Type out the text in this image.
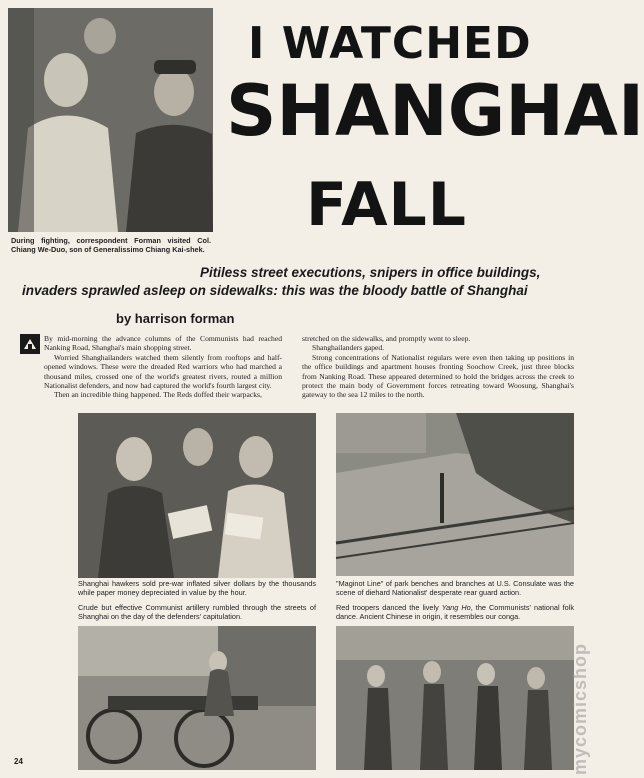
I WATCHED
SHANGHAI
FALL
During fighting, correspondent Forman visited Col. Chiang We-Duo, son of Generalissimo Chiang Kai-shek.
Pitiless street executions, snipers in office buildings,
invaders sprawled asleep on sidewalks: this was the bloody battle of Shanghai
by harrison forman

By mid-morning the advance columns of the Communists had reached Nanking Road, Shanghai's main shopping street.

Worried Shanghailanders watched them silently from rooftops and half-opened windows. These were the dreaded Red warriors who had marched a thousand miles, crossed one of the world's greatest rivers, routed a million Nationalist defenders, and now had captured the world's fourth largest city.

Then an incredible thing happened. The Reds doffed their warpacks,

stretched on the sidewalks, and promptly went to sleep.

Shanghailanders gaped.

Strong concentrations of Nationalist regulars were even then taking up positions in the office buildings and apartment houses fronting Soochow Creek, just three blocks from Nanking Road. These appeared determined to hold the bridges across the creek to protect the main body of Government forces retreating toward Woosung, Shanghai's gateway to the sea 12 miles to the north.

Shanghai hawkers sold pre-war inflated silver dollars by the thousands while paper money depreciated in value by the hour.
"Maginot Line" of park benches and branches at U.S. Consulate was the scene of diehard Nationalist' desperate rear guard action.
Crude but effective Communist artillery rumbled through the streets of Shanghai on the day of the defenders' capitulation.
Red troopers danced the lively Yang Ho, the Communists' national folk dance. Ancient Chinese in origin, it resembles our conga.
24	mycomicshop
